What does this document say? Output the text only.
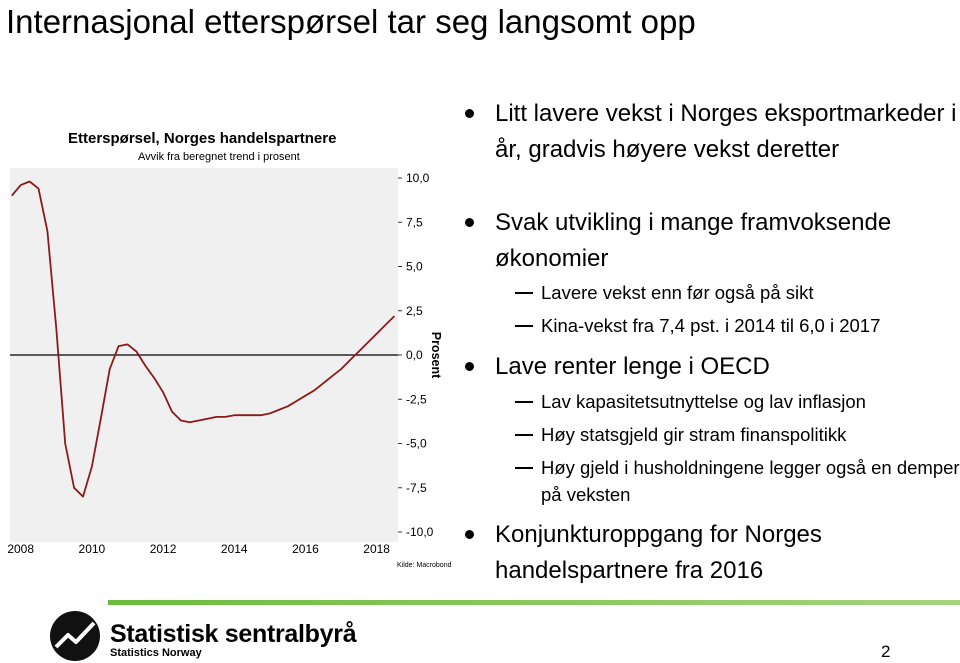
Internasjonal etterspørsel tar seg langsomt opp
Etterspørsel, Norges handelspartnere
Avvik fra beregnet trend i prosent
10,0
7,5
5,0
2,5
0,0
-2,5
-5,0
-7,5
-10,0
2008	2010	2012	2014	2016	2018
Prosent
Kilde: Macrobond
Litt lavere vekst i Norges eksportmarkeder i år, gradvis høyere vekst deretter
Svak utvikling i mange framvoksende økonomier
Lavere vekst enn før også på sikt
Kina-vekst fra 7,4 pst. i 2014 til 6,0 i 2017
Lave renter lenge i OECD
Lav kapasitetsutnyttelse og lav inflasjon
Høy statsgjeld gir stram finanspolitikk
Høy gjeld i husholdningene legger også en demper på veksten
Konjunkturoppgang for Norges handelspartnere fra 2016
Statistisk sentralbyrå
Statistics Norway	2
